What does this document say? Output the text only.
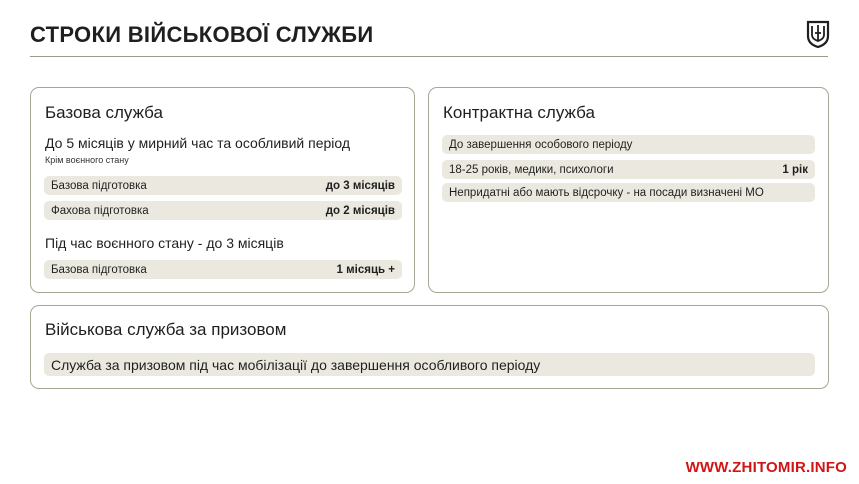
СТРОКИ ВІЙСЬКОВОЇ СЛУЖБИ
Базова служба
До 5 місяців у мирний час та особливий період
Крім воєнного стану
Базова підготовка	до 3 місяців
Фахова підготовка	до 2 місяців
Під час воєнного стану - до 3 місяців
Базова підготовка	1 місяць +
Контрактна служба
До завершення особового періоду
18-25 років, медики, психологи	1 рік
Непридатні або мають відсрочку - на посади визначені МО
Військова служба за призовом
Служба за призовом під час мобілізації до завершення особливого періоду
WWW.ZHITOMIR.INFO
